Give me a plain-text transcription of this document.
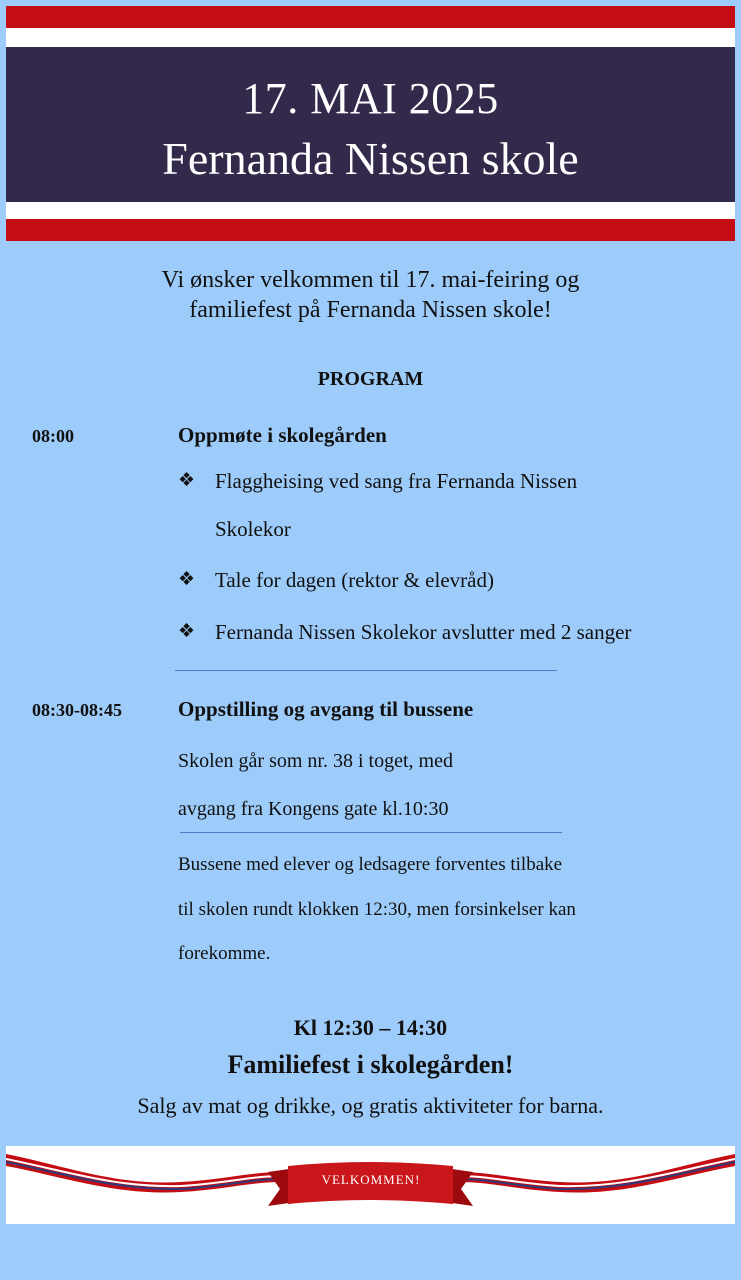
17. MAI 2025
Fernanda Nissen skole
Vi ønsker velkommen til 17. mai-feiring og
familiefest på Fernanda Nissen skole!
PROGRAM
08:00	Oppmøte i skolegården
❖ Flaggheising ved sang fra Fernanda Nissen
Skolekor
❖ Tale for dagen (rektor & elevråd)
❖ Fernanda Nissen Skolekor avslutter med 2 sanger
08:30-08:45	Oppstilling og avgang til bussene
Skolen går som nr. 38 i toget, med
avgang fra Kongens gate kl.10:30
Bussene med elever og ledsagere forventes tilbake
til skolen rundt klokken 12:30, men forsinkelser kan
forekomme.
Kl 12:30 – 14:30
Familiefest i skolegården!
Salg av mat og drikke, og gratis aktiviteter for barna.
VELKOMMEN!
